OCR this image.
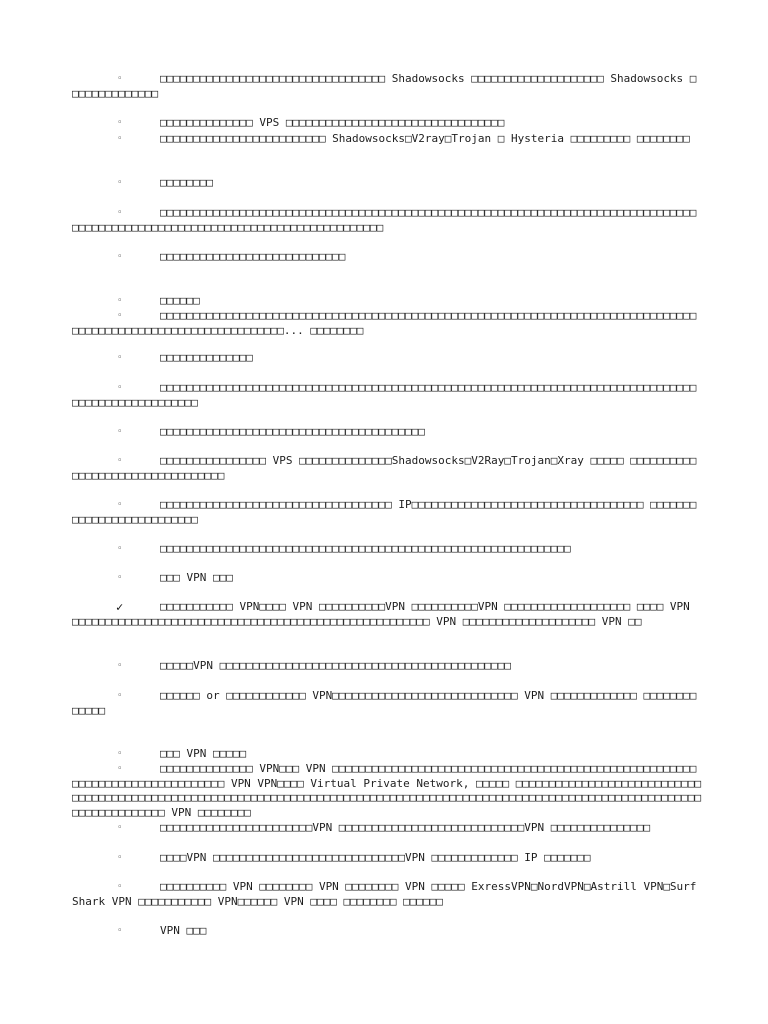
◦	□□□□□□□□□□□□□□□□□□□□□□□□□□□□□□□□□□ Shadowsocks □□□□□□□□□□□□□□□□□□□□ Shadowsocks □□□□□□□□□□□□□□
◦	□□□□□□□□□□□□□□ VPS □□□□□□□□□□□□□□□□□□□□□□□□□□□□□□□□□
◦	□□□□□□□□□□□□□□□□□□□□□□□□□ Shadowsocks□V2ray□Trojan □ Hysteria □□□□□□□□□ □□□□□□□□
◦	□□□□□□□□
◦	□□□□□□□□□□□□□□□□□□□□□□□□□□□□□□□□□□□□□□□□□□□□□□□□□□□□□□□□□□□□□□□□□□□□□□□□□□□□□□□□□□□□□□□□□□□□□□□□□□□□□□□□□□□□□□□□□□□□□□□□□□□□□□□□
◦	□□□□□□□□□□□□□□□□□□□□□□□□□□□□
◦	□□□□□□
◦	□□□□□□□□□□□□□□□□□□□□□□□□□□□□□□□□□□□□□□□□□□□□□□□□□□□□□□□□□□□□□□□□□□□□□□□□□□□□□□□□□□□□□□□□□□□□□□□□□□□□□□□□□□□□□□□□□... □□□□□□□□
◦	□□□□□□□□□□□□□□
◦	□□□□□□□□□□□□□□□□□□□□□□□□□□□□□□□□□□□□□□□□□□□□□□□□□□□□□□□□□□□□□□□□□□□□□□□□□□□□□□□□□□□□□□□□□□□□□□□□□□□□
◦	□□□□□□□□□□□□□□□□□□□□□□□□□□□□□□□□□□□□□□□□
◦	□□□□□□□□□□□□□□□□ VPS □□□□□□□□□□□□□□Shadowsocks□V2Ray□Trojan□Xray □□□□□ □□□□□□□□□□□□□□□□□□□□□□□□□□□□□□□□□
◦	□□□□□□□□□□□□□□□□□□□□□□□□□□□□□□□□□□□ IP□□□□□□□□□□□□□□□□□□□□□□□□□□□□□□□□□□□ □□□□□□□□□□□□□□□□□□□□□□□□□□
◦	□□□□□□□□□□□□□□□□□□□□□□□□□□□□□□□□□□□□□□□□□□□□□□□□□□□□□□□□□□□□□□
◦	□□□ VPN □□□
✓	□□□□□□□□□□□ VPN□□□□ VPN □□□□□□□□□□VPN □□□□□□□□□□VPN □□□□□□□□□□□□□□□□□□□ □□□□ VPN □□□□□□□□□□□□□□□□□□□□□□□□□□□□□□□□□□□□□□□□□□□□□□□□□□□□□□ VPN □□□□□□□□□□□□□□□□□□□□ VPN □□
◦	□□□□□VPN □□□□□□□□□□□□□□□□□□□□□□□□□□□□□□□□□□□□□□□□□□□□
◦	□□□□□□ or □□□□□□□□□□□□ VPN□□□□□□□□□□□□□□□□□□□□□□□□□□□□ VPN □□□□□□□□□□□□□ □□□□□□□□□□□□□
◦	□□□ VPN □□□□□
◦	□□□□□□□□□□□□□□ VPN□□□ VPN □□□□□□□□□□□□□□□□□□□□□□□□□□□□□□□□□□□□□□□□□□□□□□□□□□□□□□□□□□□□□□□□□□□□□□□□□□□□□□ VPN VPN□□□□ Virtual Private Network, □□□□□ □□□□□□□□□□□□□□□□□□□□□□□□□□□□□□□□□□□□□□□□□□□□□□□□□□□□□□□□□□□□□□□□□□□□□□□□□□□□□□□□□□□□□□□□□□□□□□□□□□□□□□□□□□□□□□□□□□□□□□□□□□□□□□□□□□□□□□□□□ VPN □□□□□□□□
◦	□□□□□□□□□□□□□□□□□□□□□□□VPN □□□□□□□□□□□□□□□□□□□□□□□□□□□□VPN □□□□□□□□□□□□□□□
◦	□□□□VPN □□□□□□□□□□□□□□□□□□□□□□□□□□□□□VPN □□□□□□□□□□□□□ IP □□□□□□□
◦	□□□□□□□□□□ VPN □□□□□□□□ VPN □□□□□□□□ VPN □□□□□ ExressVPN□NordVPN□Astrill VPN□SurfShark VPN □□□□□□□□□□□ VPN□□□□□□ VPN □□□□ □□□□□□□□ □□□□□□
◦	VPN □□□
